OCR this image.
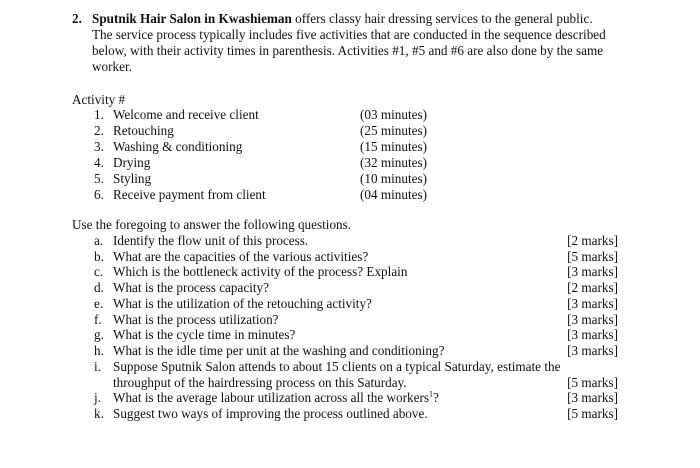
2. Sputnik Hair Salon in Kwashieman offers classy hair dressing services to the general public.
The service process typically includes five activities that are conducted in the sequence described
below, with their activity times in parenthesis. Activities #1, #5 and #6 are also done by the same
worker.
Activity #
1. Welcome and receive client	(03 minutes)
2. Retouching	(25 minutes)
3. Washing & conditioning	(15 minutes)
4. Drying	(32 minutes)
5. Styling	(10 minutes)
6. Receive payment from client	(04 minutes)
Use the foregoing to answer the following questions.
a. Identify the flow unit of this process.	[2 marks]
b. What are the capacities of the various activities?	[5 marks]
c. Which is the bottleneck activity of the process? Explain	[3 marks]
d. What is the process capacity?	[2 marks]
e. What is the utilization of the retouching activity?	[3 marks]
f. What is the process utilization?	[3 marks]
g. What is the cycle time in minutes?	[3 marks]
h. What is the idle time per unit at the washing and conditioning?	[3 marks]
i. Suppose Sputnik Salon attends to about 15 clients on a typical Saturday, estimate the
throughput of the hairdressing process on this Saturday.	[5 marks]
j. What is the average labour utilization across all the workers$^1$?	[3 marks]
k. Suggest two ways of improving the process outlined above.	[5 marks]
